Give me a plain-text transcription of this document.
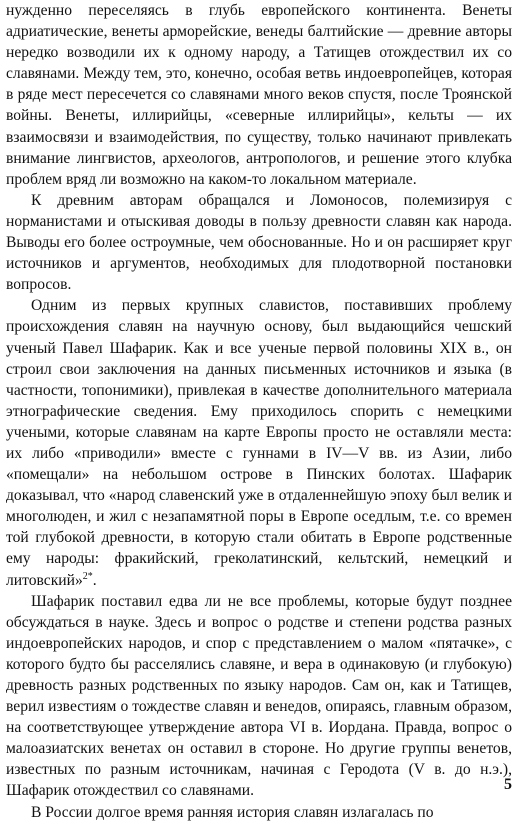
нужденно переселяясь в глубь европейского континента. Венеты адриатические, венеты арморейские, венеды балтийские — древние авторы нередко возводили их к одному народу, а Татищев отождествил их со славянами. Между тем, это, конечно, особая ветвь индоевропейцев, которая в ряде мест пересечется со славянами много веков спустя, после Троянской войны. Венеты, иллирийцы, «северные иллирийцы», кельты — их взаимосвязи и взаимодействия, по существу, только начинают привлекать внимание лингвистов, археологов, антропологов, и решение этого клубка проблем вряд ли возможно на каком-то локальном материале.

К древним авторам обращался и Ломоносов, полемизируя с норманистами и отыскивая доводы в пользу древности славян как народа. Выводы его более остроумные, чем обоснованные. Но и он расширяет круг источников и аргументов, необходимых для плодотворной постановки вопросов.

Одним из первых крупных славистов, поставивших проблему происхождения славян на научную основу, был выдающийся чешский ученый Павел Шафарик. Как и все ученые первой половины XIX в., он строил свои заключения на данных письменных источников и языка (в частности, топонимики), привлекая в качестве дополнительного материала этнографические сведения. Ему приходилось спорить с немецкими учеными, которые славянам на карте Европы просто не оставляли места: их либо «приводили» вместе с гуннами в IV—V вв. из Азии, либо «помещали» на небольшом острове в Пинских болотах. Шафарик доказывал, что «народ славенский уже в отдаленнейшую эпоху был велик и многолюден, и жил с незапамятной поры в Европе оседлым, т.е. со времен той глубокой древности, в которую стали обитать в Европе родственные ему народы: фракийский, греколатинский, кельтский, немецкий и литовский»$^{2*}$.

Шафарик поставил едва ли не все проблемы, которые будут позднее обсуждаться в науке. Здесь и вопрос о родстве и степени родства разных индоевропейских народов, и спор с представлением о малом «пятачке», с которого будто бы расселялись славяне, и вера в одинаковую (и глубокую) древность разных родственных по языку народов. Сам он, как и Татищев, верил известиям о тождестве славян и венедов, опираясь, главным образом, на соответствующее утверждение автора VI в. Иордана. Правда, вопрос о малоазиатских венетах он оставил в стороне. Но другие группы венетов, известных по разным источникам, начиная с Геродота (V в. до н.э.), Шафарик отождествил со славянами.

В России долгое время ранняя история славян излагалась по

5
